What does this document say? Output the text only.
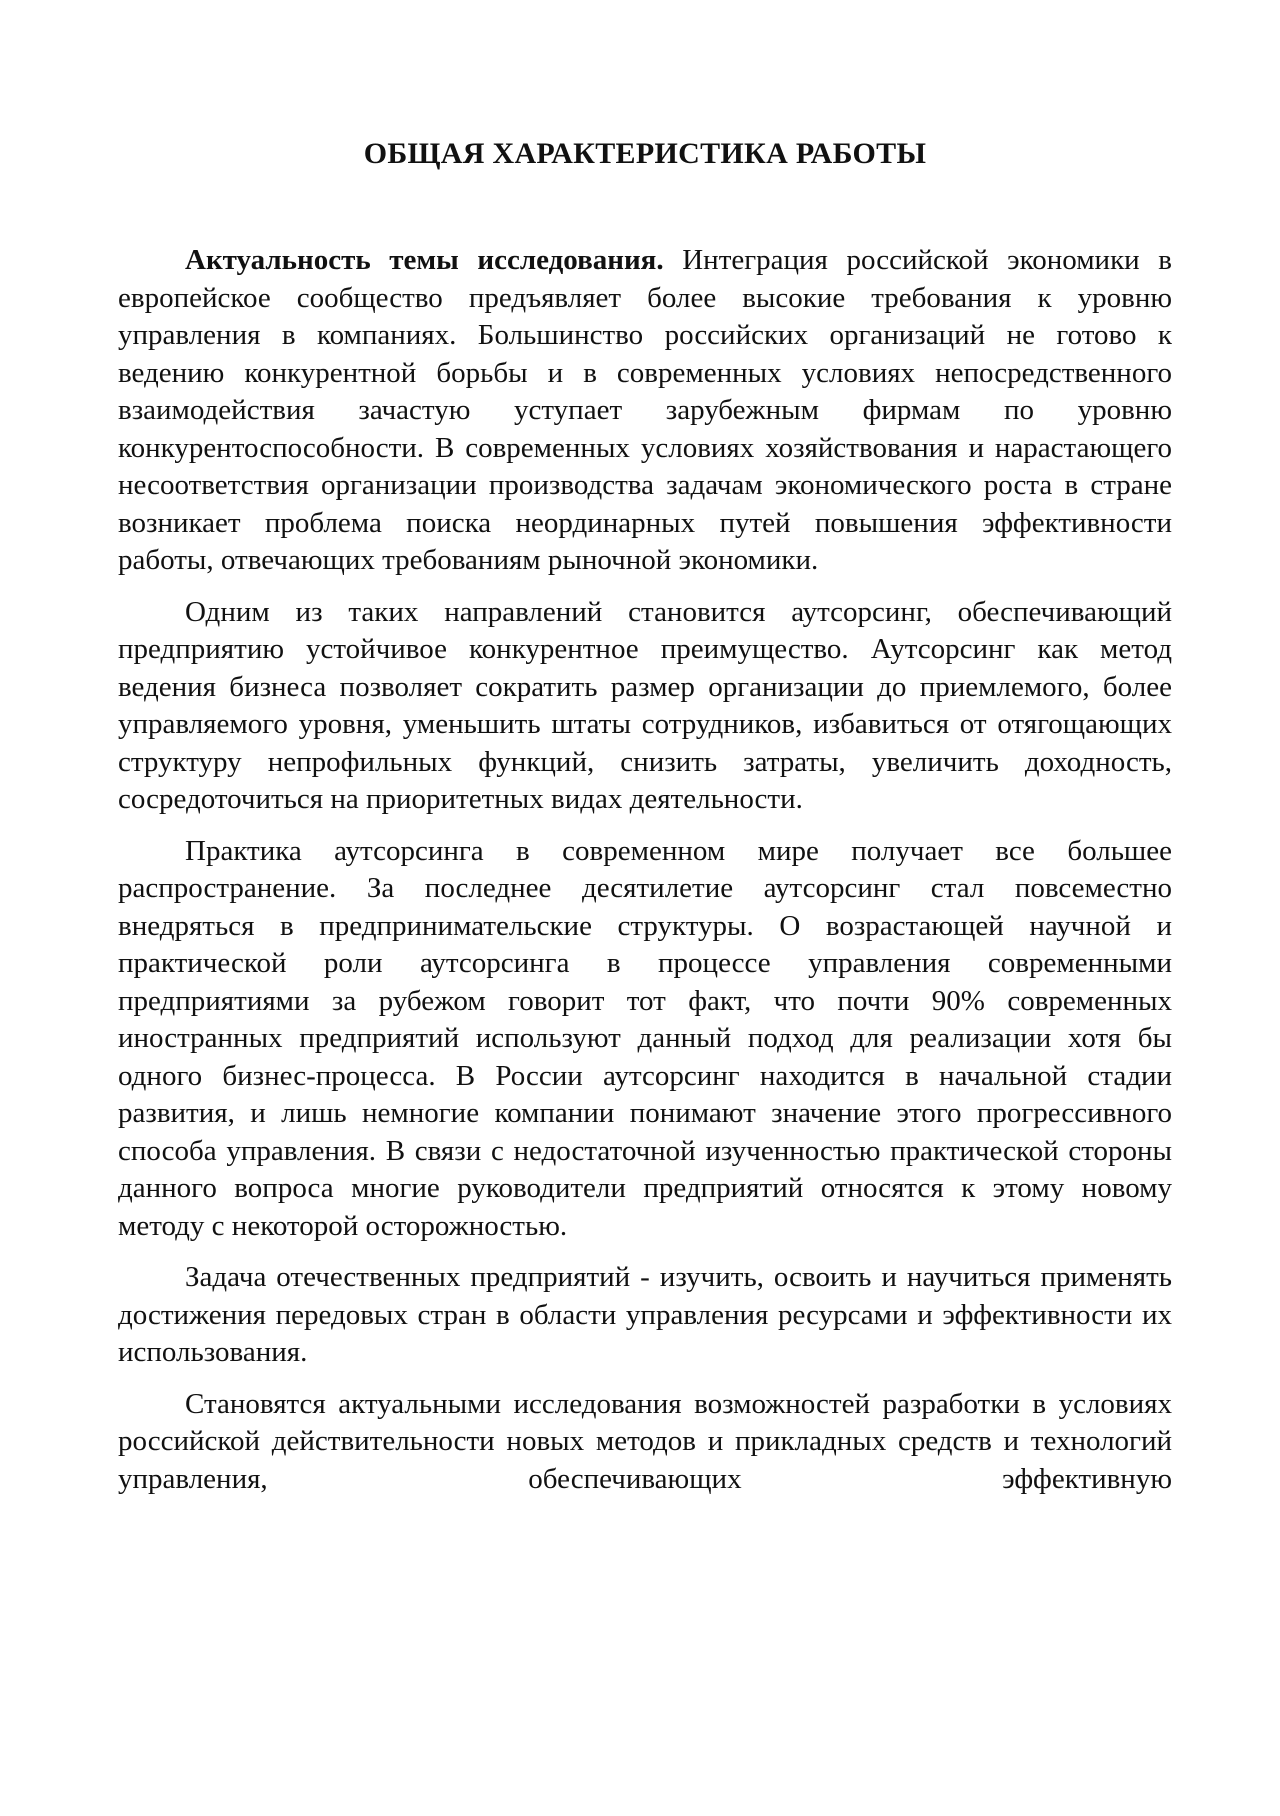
ОБЩАЯ ХАРАКТЕРИСТИКА РАБОТЫ

Актуальность темы исследования. Интеграция российской экономики в европейское сообщество предъявляет более высокие требования к уровню управления в компаниях. Большинство российских организаций не готово к ведению конкурентной борьбы и в современных условиях непосредственного взаимодействия зачастую уступает зарубежным фирмам по уровню конкурентоспособности. В современных условиях хозяйствования и нарастающего несоответствия организации производства задачам экономического роста в стране возникает проблема поиска неординарных путей повышения эффективности работы, отвечающих требованиям рыночной экономики.

Одним из таких направлений становится аутсорсинг, обеспечивающий предприятию устойчивое конкурентное преимущество. Аутсорсинг как метод ведения бизнеса позволяет сократить размер организации до приемлемого, более управляемого уровня, уменьшить штаты сотрудников, избавиться от отягощающих структуру непрофильных функций, снизить затраты, увеличить доходность, сосредоточиться на приоритетных видах деятельности.

Практика аутсорсинга в современном мире получает все большее распространение. За последнее десятилетие аутсорсинг стал повсеместно внедряться в предпринимательские структуры. О возрастающей научной и практической роли аутсорсинга в процессе управления современными предприятиями за рубежом говорит тот факт, что почти 90% современных иностранных предприятий используют данный подход для реализации хотя бы одного бизнес-процесса. В России аутсорсинг находится в начальной стадии развития, и лишь немногие компании понимают значение этого прогрессивного способа управления. В связи с недостаточной изученностью практической стороны данного вопроса многие руководители предприятий относятся к этому новому методу с некоторой осторожностью.

Задача отечественных предприятий - изучить, освоить и научиться применять достижения передовых стран в области управления ресурсами и эффективности их использования.

Становятся актуальными исследования возможностей разработки в условиях российской действительности новых методов и прикладных средств и технологий управления, обеспечивающих эффективную
